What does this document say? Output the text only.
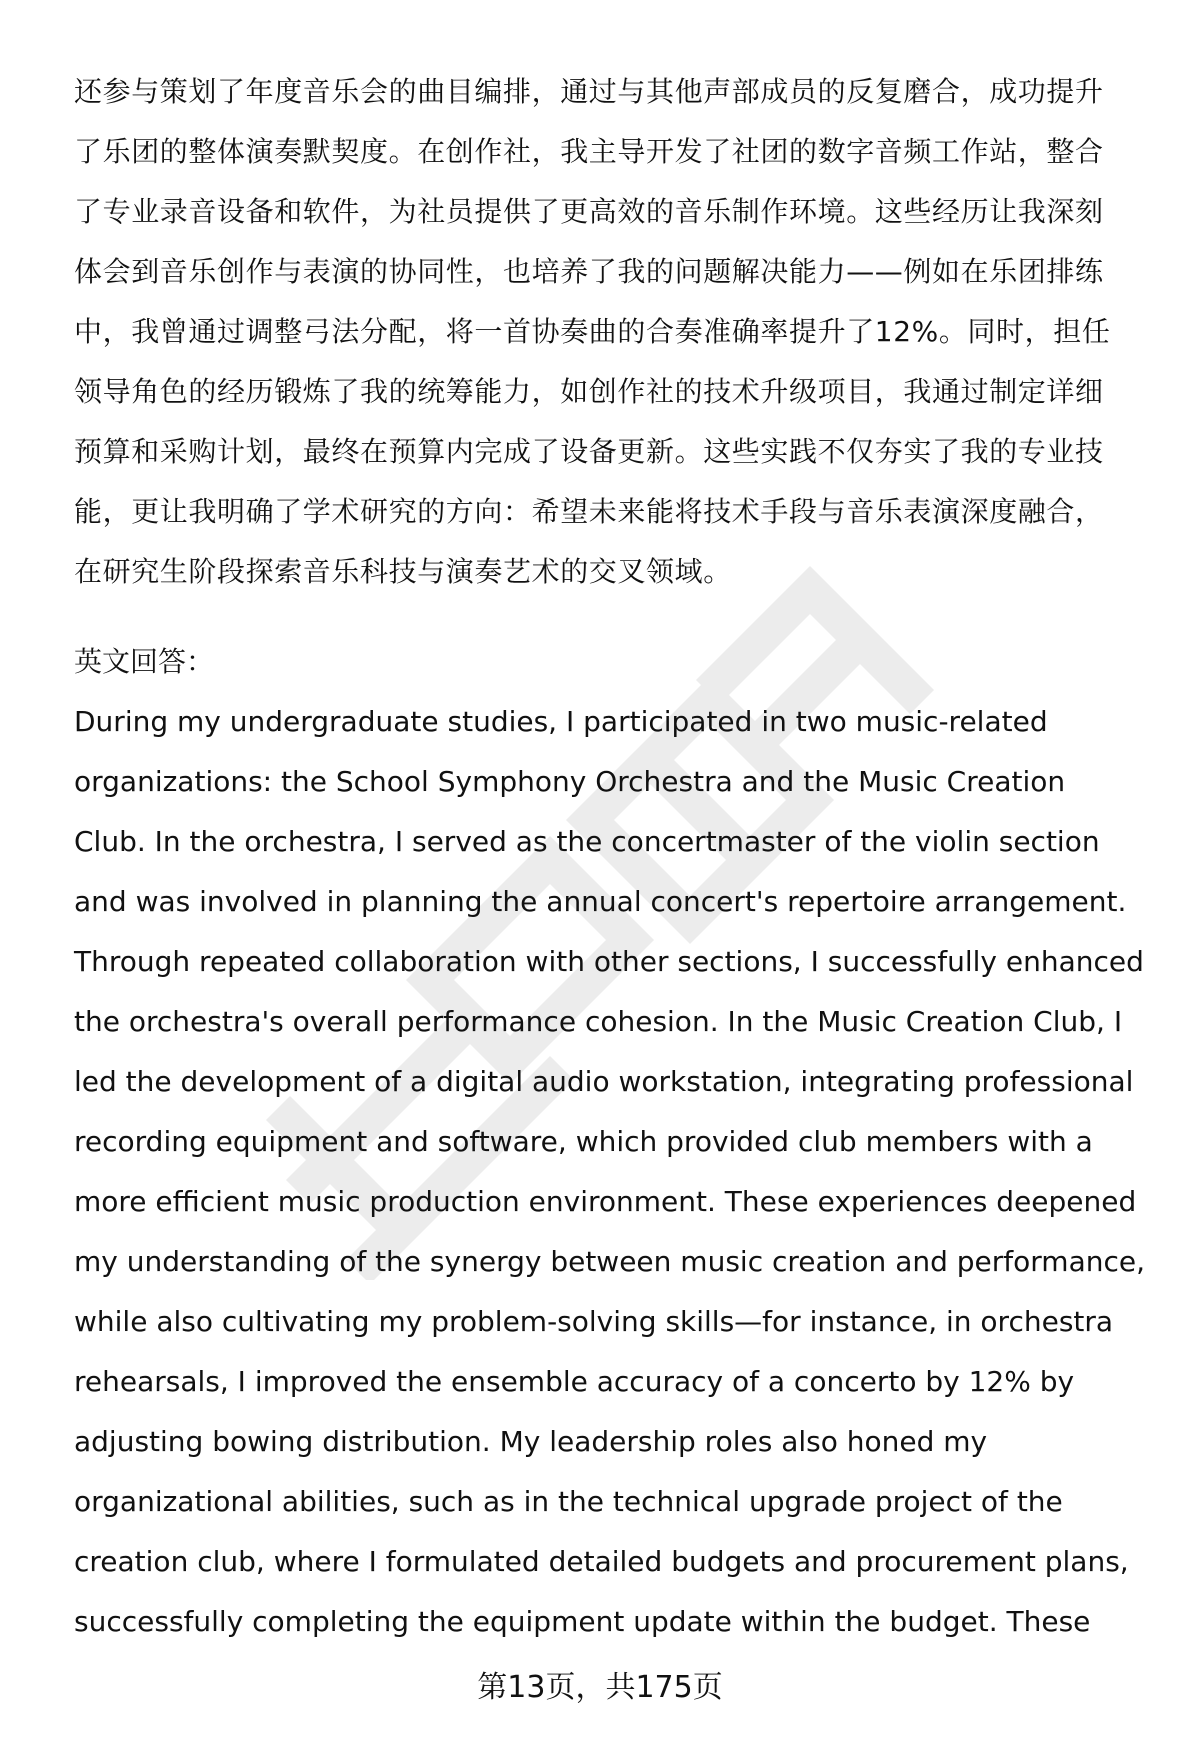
还参与策划了年度音乐会的曲目编排，通过与其他声部成员的反复磨合，成功提升
了乐团的整体演奏默契度。在创作社，我主导开发了社团的数字音频工作站，整合
了专业录音设备和软件，为社员提供了更高效的音乐制作环境。这些经历让我深刻
体会到音乐创作与表演的协同性，也培养了我的问题解决能力——例如在乐团排练
中，我曾通过调整弓法分配，将一首协奏曲的合奏准确率提升了12%。同时，担任
领导角色的经历锻炼了我的统筹能力，如创作社的技术升级项目，我通过制定详细
预算和采购计划，最终在预算内完成了设备更新。这些实践不仅夯实了我的专业技
能，更让我明确了学术研究的方向：希望未来能将技术手段与音乐表演深度融合，
在研究生阶段探索音乐科技与演奏艺术的交叉领域。
英文回答：
During my undergraduate studies, I participated in two music-related
organizations: the School Symphony Orchestra and the Music Creation
Club. In the orchestra, I served as the concertmaster of the violin section
and was involved in planning the annual concert's repertoire arrangement.
Through repeated collaboration with other sections, I successfully enhanced
the orchestra's overall performance cohesion. In the Music Creation Club, I
led the development of a digital audio workstation, integrating professional
recording equipment and software, which provided club members with a
more efficient music production environment. These experiences deepened
my understanding of the synergy between music creation and performance,
while also cultivating my problem-solving skills—for instance, in orchestra
rehearsals, I improved the ensemble accuracy of a concerto by 12% by
adjusting bowing distribution. My leadership roles also honed my
organizational abilities, such as in the technical upgrade project of the
creation club, where I formulated detailed budgets and procurement plans,
successfully completing the equipment update within the budget. These
第13页，共175页
